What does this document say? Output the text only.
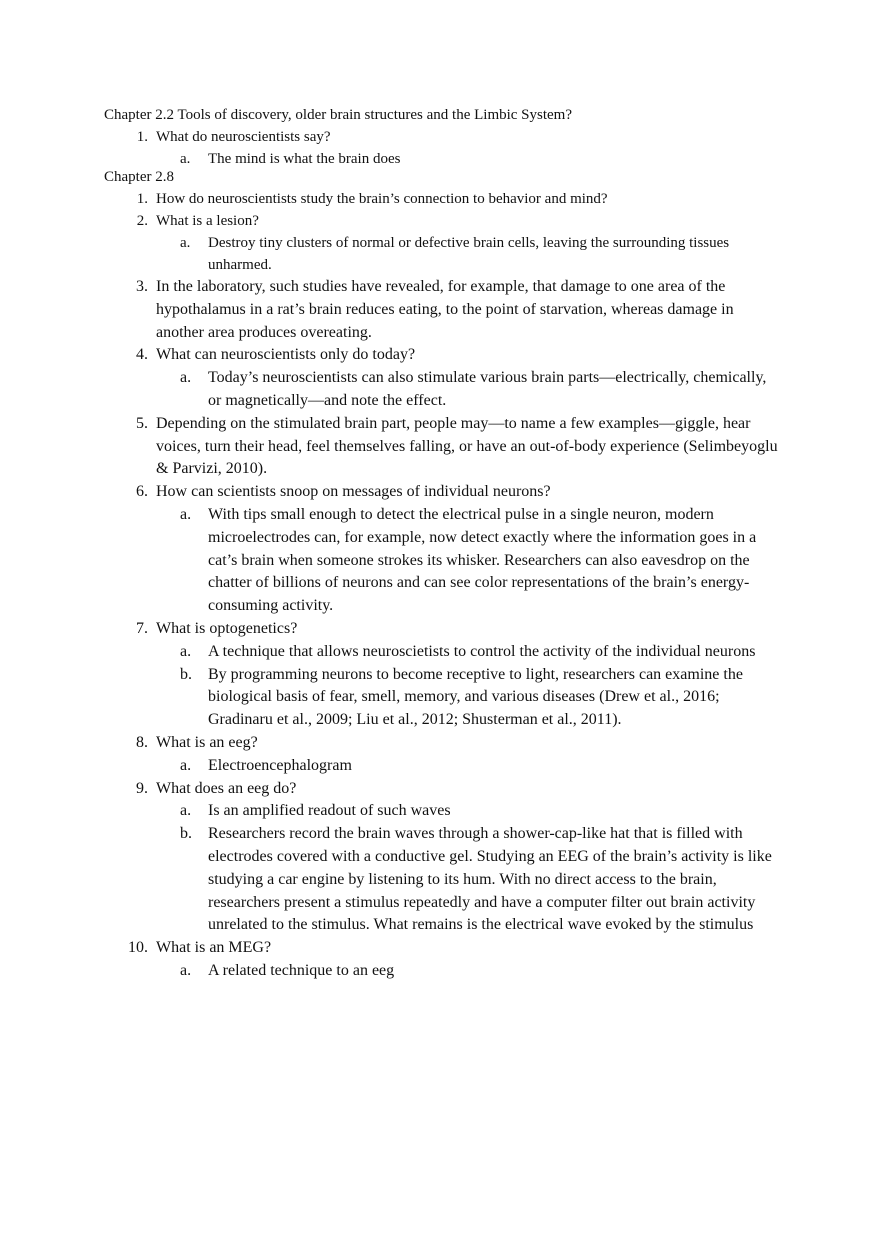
Chapter 2.2 Tools of discovery, older brain structures and the Limbic System?
1. What do neuroscientists say?
a.	The mind is what the brain does
Chapter 2.8
1. How do neuroscientists study the brain’s connection to behavior and mind?
2. What is a lesion?
a.	Destroy tiny clusters of normal or defective brain cells, leaving the surrounding tissues unharmed.
3. In the laboratory, such studies have revealed, for example, that damage to one area of the hypothalamus in a rat’s brain reduces eating, to the point of starvation, whereas damage in another area produces overeating.
4. What can neuroscientists only do today?
a.	Today’s neuroscientists can also stimulate various brain parts—electrically, chemically, or magnetically—and note the effect.
5. Depending on the stimulated brain part, people may—to name a few examples—giggle, hear voices, turn their head, feel themselves falling, or have an out-of-body experience (Selimbeyoglu & Parvizi, 2010).
6. How can scientists snoop on messages of individual neurons?
a.	With tips small enough to detect the electrical pulse in a single neuron, modern microelectrodes can, for example, now detect exactly where the information goes in a cat’s brain when someone strokes its whisker. Researchers can also eavesdrop on the chatter of billions of neurons and can see color representations of the brain’s energy-consuming activity.
7. What is optogenetics?
a.	A technique that allows neuroscietists to control the activity of the individual neurons
b. By programming neurons to become receptive to light, researchers can examine the biological basis of fear, smell, memory, and various diseases (Drew et al., 2016; Gradinaru et al., 2009; Liu et al., 2012; Shusterman et al., 2011).
8. What is an eeg?
a.	Electroencephalogram
9. What does an eeg do?
a.	Is an amplified readout of such waves
b. Researchers record the brain waves through a shower-cap-like hat that is filled with electrodes covered with a conductive gel. Studying an EEG of the brain’s activity is like studying a car engine by listening to its hum. With no direct access to the brain, researchers present a stimulus repeatedly and have a computer filter out brain activity unrelated to the stimulus. What remains is the electrical wave evoked by the stimulus
10. What is an MEG?
a.	A related technique to an eeg
